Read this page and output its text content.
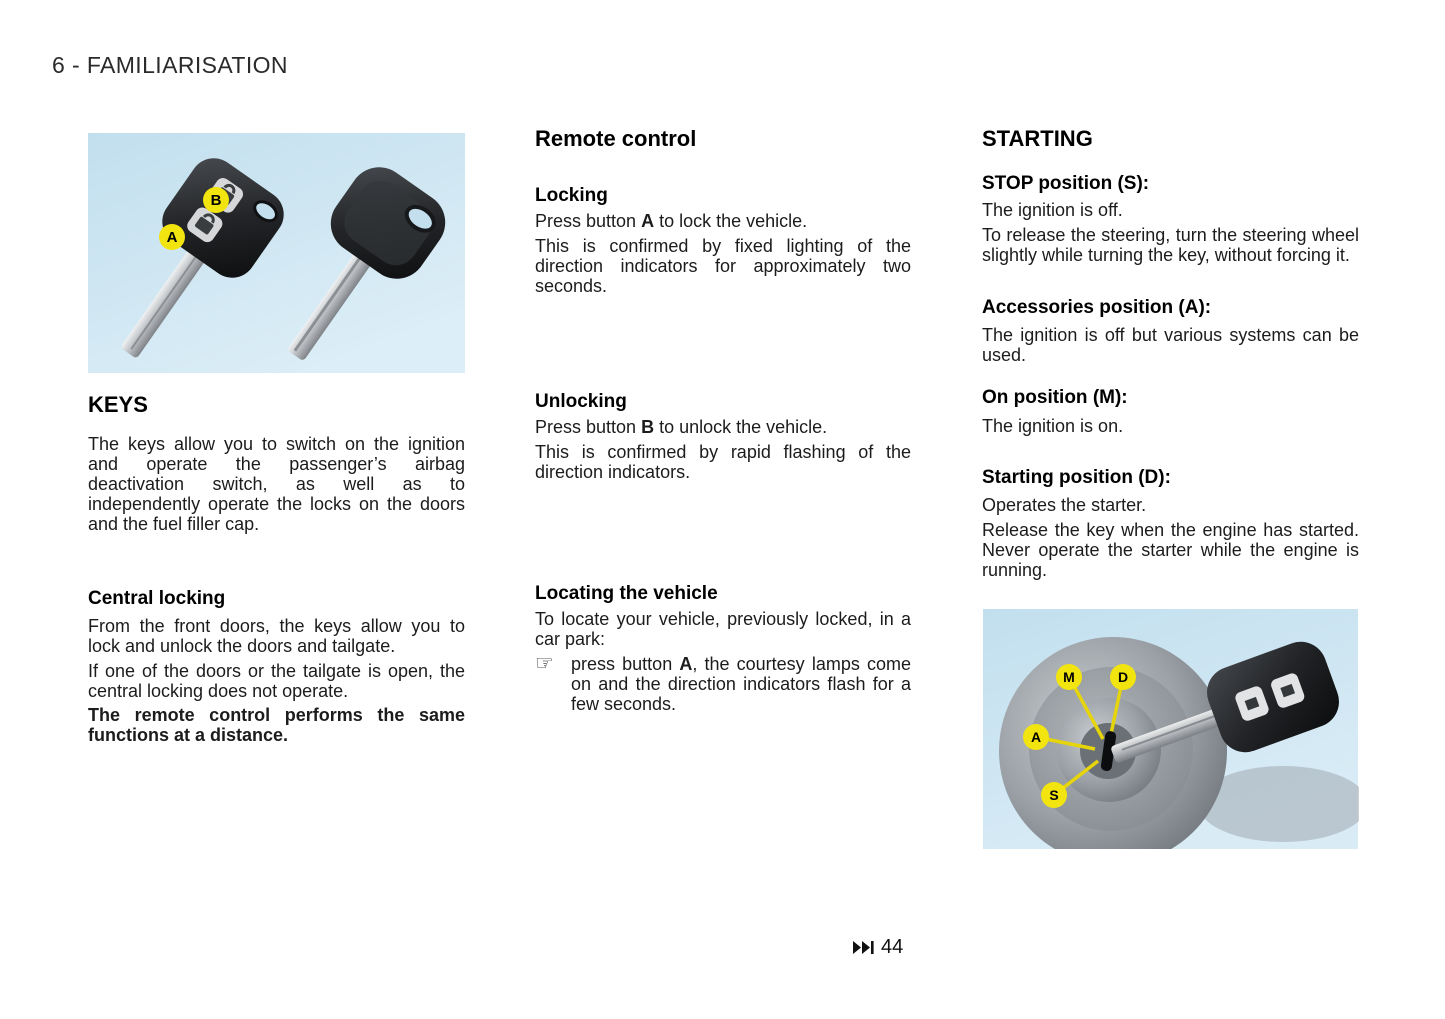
6 - FAMILIARISATION
B
A
KEYS

The keys allow you to switch on the ignition and operate the passenger’s airbag deactivation switch, as well as to independently operate the locks on the doors and the fuel filler cap.

Central locking

From the front doors, the keys allow you to lock and unlock the doors and tailgate.

If one of the doors or the tailgate is open, the central locking does not operate.

The remote control performs the same functions at a distance.

Remote control
Locking

Press button A to lock the vehicle.

This is confirmed by fixed lighting of the direction indicators for approximately two seconds.

Unlocking

Press button B to unlock the vehicle.

This is confirmed by rapid flashing of the direction indicators.

Locating the vehicle

To locate your vehicle, previously locked, in a car park:

☞ press button A, the courtesy lamps come on and the direction indicators flash for a few seconds.

STARTING
STOP position (S):

The ignition is off.

To release the steering, turn the steering wheel slightly while turning the key, without forcing it.

Accessories position (A):

The ignition is off but various systems can be used.

On position (M):

The ignition is on.

Starting position (D):

Operates the starter.

Release the key when the engine has started. Never operate the starter while the engine is running.

M	D
A
S
44
